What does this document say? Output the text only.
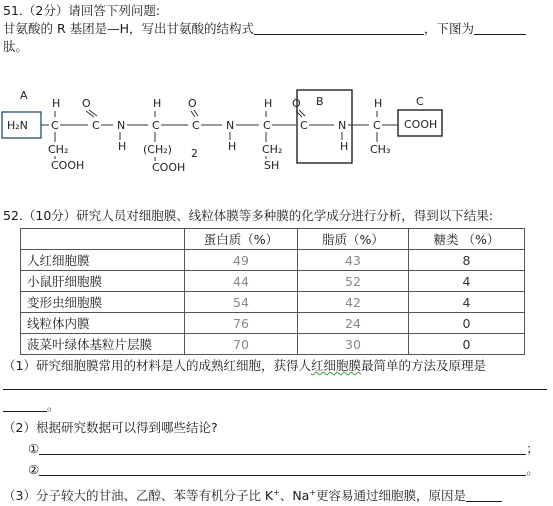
51.（2分）请回答下列问题:
甘氨酸的 R 基团是—H，写出甘氨酸的结构式	，下图为
肽。
A	B	C
H₂N	COOH
C
H
C
O
N
H
C
H
C
O
N
H
C
H
C
O
N
H
C
H
CH₂
COOH
(CH₂) 2
COOH
CH₂
SH
CH₃
52.（10分）研究人员对细胞膜、线粒体膜等多种膜的化学成分进行分析，得到以下结果:
	蛋白质（%）	脂质（%）	糖类 （%）
人红细胞膜	49	43	8
小鼠肝细胞膜	44	52	4
变形虫细胞膜	54	42	4
线粒体内膜	76	24	0
菠菜叶绿体基粒片层膜	70	30	0
（1）研究细胞膜常用的材料是人的成熟红细胞，获得人红细胞膜最简单的方法及原理是
。
（2）根据研究数据可以得到哪些结论?
①	；
②	。
（3）分子较大的甘油、乙醇、苯等有机分子比 K+、Na+更容易通过细胞膜，原因是
